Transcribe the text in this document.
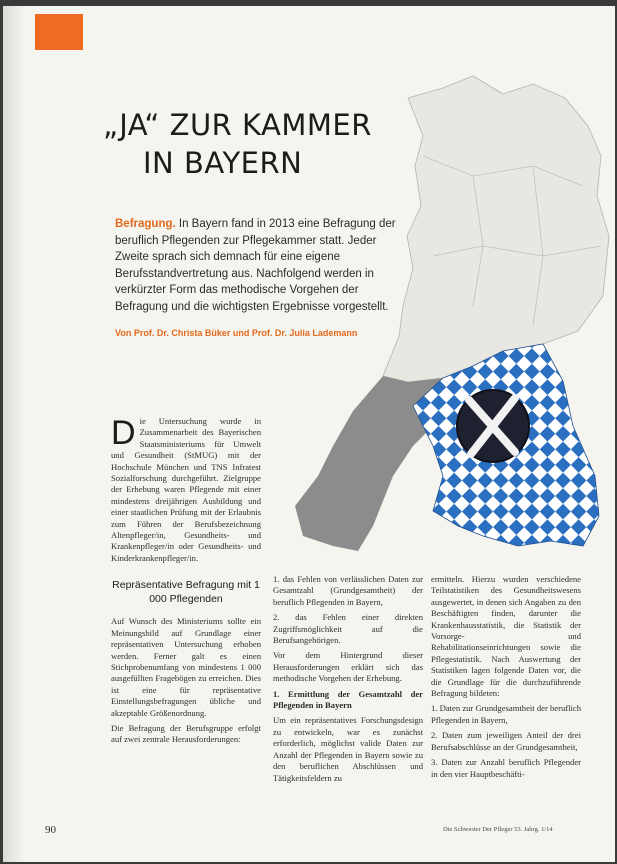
„JA“ ZUR KAMMER

IN BAYERN
Befragung. In Bayern fand in 2013 eine Befragung der beruflich Pflegenden zur Pflegekammer statt. Jeder Zweite sprach sich demnach für eine eigene Berufsstandvertretung aus. Nachfolgend werden in verkürzter Form das methodische Vorgehen der Befragung und die wichtigsten Ergebnisse vorgestellt.
Von Prof. Dr. Christa Büker und Prof. Dr. Julia Lademann

Die Untersuchung wurde in Zusammenarbeit des Bayerischen Staatsministeriums für Umwelt und Gesundheit (StMUG) mit der Hochschule München und TNS Infratest Sozialforschung durchgeführt. Zielgruppe der Erhebung waren Pflegende mit einer mindestens dreijährigen Ausbildung und einer staatlichen Prüfung mit der Erlaubnis zum Führen der Berufsbezeichnung Altenpfleger/in, Gesundheits- und Krankenpfleger/in oder Gesundheits- und Kinderkrankenpfleger/in.

Repräsentative Befragung mit 1 000 Pflegenden

Auf Wunsch des Ministeriums sollte ein Meinungsbild auf Grundlage einer repräsentativen Untersuchung erhoben werden. Ferner galt es einen Stichprobenumfang von mindestens 1 000 ausgefüllten Fragebögen zu erreichen. Dies ist eine für repräsentative Einstellungsbefragungen übliche und akzeptable Größenordnung.

Die Befragung der Berufsgruppe erfolgt auf zwei zentrale Herausforderungen:

1. das Fehlen von verlässlichen Daten zur Gesamtzahl (Grundgesamtheit) der beruflich Pflegenden in Bayern,

2. das Fehlen einer direkten Zugriffsmöglichkeit auf die Berufsangehörigen.

Vor dem Hintergrund dieser Herausforderungen erklärt sich das methodische Vorgehen der Erhebung.

1. Ermittlung der Gesamtzahl der Pflegenden in Bayern

Um ein repräsentatives Forschungsdesign zu entwickeln, war es zunächst erforderlich, möglichst valide Daten zur Anzahl der Pflegenden in Bayern sowie zu den beruflichen Abschlüssen und Tätigkeitsfeldern zu

ermitteln. Hierzu wurden verschiedene Teilstatistiken des Gesundheitswesens ausgewertet, in denen sich Angaben zu den Beschäftigten finden, darunter die Krankenhausstatistik, die Statistik der Vorsorge- und Rehabilitationseinrichtungen sowie die Pflegestatistik. Nach Auswertung der Statistiken lagen folgende Daten vor, die die Grundlage für die durchzuführende Befragung bildeten:

1. Daten zur Grundgesamtheit der beruflich Pflegenden in Bayern,

2. Daten zum jeweiligen Anteil der drei Berufsabschlüsse an der Grundgesamtheit,

3. Daten zur Anzahl beruflich Pflegender in den vier Hauptbeschäfti-

90	Die Schwester Der Pfleger 53. Jahrg. 1/14
